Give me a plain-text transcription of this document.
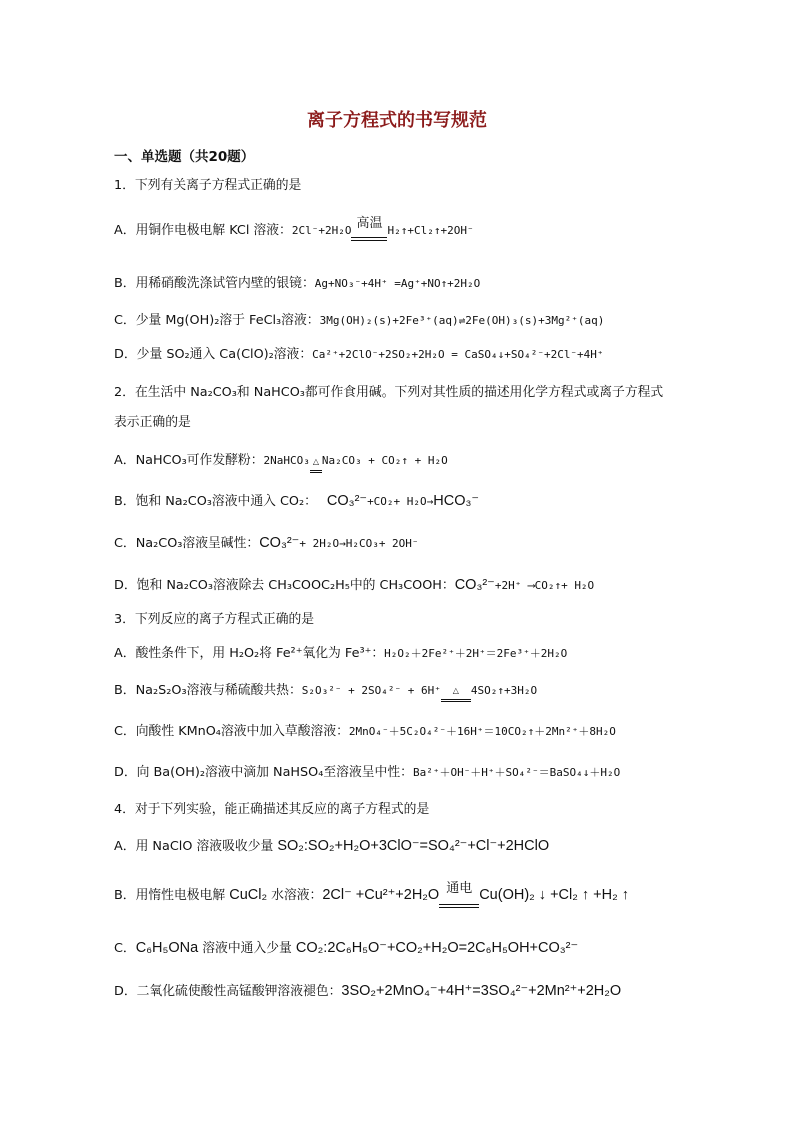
离子方程式的书写规范
一、单选题（共20题）
1．下列有关离子方程式正确的是
A．用铜作电极电解 KCl 溶液：2Cl⁻+2H₂O 高温 H₂↑+Cl₂↑+2OH⁻
B．用稀硝酸洗涤试管内壁的银镜：Ag+NO₃⁻+4H⁺ =Ag⁺+NO↑+2H₂O
C．少量 Mg(OH)₂溶于 FeCl₃溶液：3Mg(OH)₂(s)+2Fe³⁺(aq)⇌2Fe(OH)₃(s)+3Mg²⁺(aq)
D．少量 SO₂通入 Ca(ClO)₂溶液：Ca²⁺+2ClO⁻+2SO₂+2H₂O = CaSO₄↓+SO₄²⁻+2Cl⁻+4H⁺
2．在生活中 Na₂CO₃和 NaHCO₃都可作食用碱。下列对其性质的描述用化学方程式或离子方程式
表示正确的是
A．NaHCO₃可作发酵粉：2NaHCO₃ △ Na₂CO₃ + CO₂↑ + H₂O
B．饱和 Na₂CO₃溶液中通入 CO₂： CO₃²⁻+CO₂+ H₂O→HCO₃⁻
C．Na₂CO₃溶液呈碱性：CO₃²⁻+ 2H₂O→H₂CO₃+ 2OH⁻
D．饱和 Na₂CO₃溶液除去 CH₃COOC₂H₅中的 CH₃COOH：CO₃²⁻+2H⁺ ⟶CO₂↑+ H₂O
3．下列反应的离子方程式正确的是
A．酸性条件下，用 H₂O₂将 Fe²⁺氧化为 Fe³⁺：H₂O₂＋2Fe²⁺＋2H⁺＝2Fe³⁺＋2H₂O
B．Na₂S₂O₃溶液与稀硫酸共热：S₂O₃²⁻ + 2SO₄²⁻ + 6H⁺	△	4SO₂↑+3H₂O
C．向酸性 KMnO₄溶液中加入草酸溶液：2MnO₄⁻＋5C₂O₄²⁻＋16H⁺＝10CO₂↑＋2Mn²⁺＋8H₂O
D．向 Ba(OH)₂溶液中滴加 NaHSO₄至溶液呈中性：Ba²⁺＋OH⁻＋H⁺＋SO₄²⁻＝BaSO₄↓＋H₂O
4．对于下列实验，能正确描述其反应的离子方程式的是
A．用 NaClO 溶液吸收少量 SO₂:SO₂+H₂O+3ClO⁻=SO₄²⁻+Cl⁻+2HClO
B．用惰性电极电解 CuCl₂ 水溶液：2Cl⁻ +Cu²⁺+2H₂O 通电 Cu(OH)₂ ↓ +Cl₂ ↑ +H₂ ↑
C．C₆H₅ONa 溶液中通入少量 CO₂:2C₆H₅O⁻+CO₂+H₂O=2C₆H₅OH+CO₃²⁻
D．二氧化硫使酸性高锰酸钾溶液褪色：3SO₂+2MnO₄⁻+4H⁺=3SO₄²⁻+2Mn²⁺+2H₂O
